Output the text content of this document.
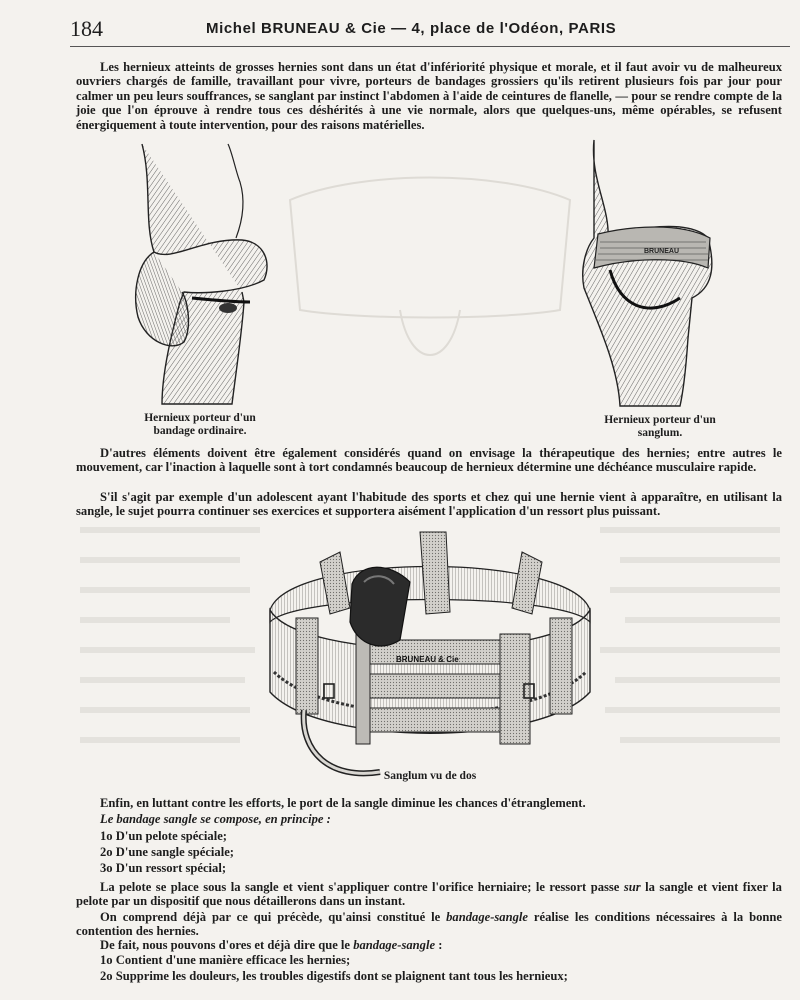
184	Michel BRUNEAU & Cie — 4, place de l'Odéon, PARIS

Les hernieux atteints de grosses hernies sont dans un état d'infériorité physique et morale, et il faut avoir vu de malheureux ouvriers chargés de famille, travaillant pour vivre, porteurs de bandages grossiers qu'ils retirent plusieurs fois par jour pour calmer un peu leurs souffrances, se sanglant par instinct l'abdomen à l'aide de ceintures de flanelle, — pour se rendre compte de la joie que l'on éprouve à rendre tous ces déshérités à une vie normale, alors que quelques-uns, même opérables, se refusent énergiquement à toute intervention, pour des raisons matérielles.

Hernieux porteur d'un
bandage ordinaire.
BRUNEAU
Hernieux porteur d'un
sanglum.

D'autres éléments doivent être également considérés quand on envisage la thérapeutique des hernies; entre autres le mouvement, car l'inaction à laquelle sont à tort condamnés beaucoup de hernieux détermine une déchéance musculaire rapide.

S'il s'agit par exemple d'un adolescent ayant l'habitude des sports et chez qui une hernie vient à apparaître, en utilisant la sangle, le sujet pourra continuer ses exercices et supportera aisément l'application d'un ressort plus puissant.

BRUNEAU & Cie
Sanglum vu de dos

Enfin, en luttant contre les efforts, le port de la sangle diminue les chances d'étranglement.

Le bandage sangle se compose, en principe :

1o D'un pelote spéciale;
2o D'une sangle spéciale;
3o D'un ressort spécial;

La pelote se place sous la sangle et vient s'appliquer contre l'orifice herniaire; le ressort passe sur la sangle et vient fixer la pelote par un dispositif que nous détaillerons dans un instant.

On comprend déjà par ce qui précède, qu'ainsi constitué le bandage-sangle réalise les conditions nécessaires à la bonne contention des hernies.

De fait, nous pouvons d'ores et déjà dire que le bandage-sangle :

1o Contient d'une manière efficace les hernies;
2o Supprime les douleurs, les troubles digestifs dont se plaignent tant tous les hernieux;
